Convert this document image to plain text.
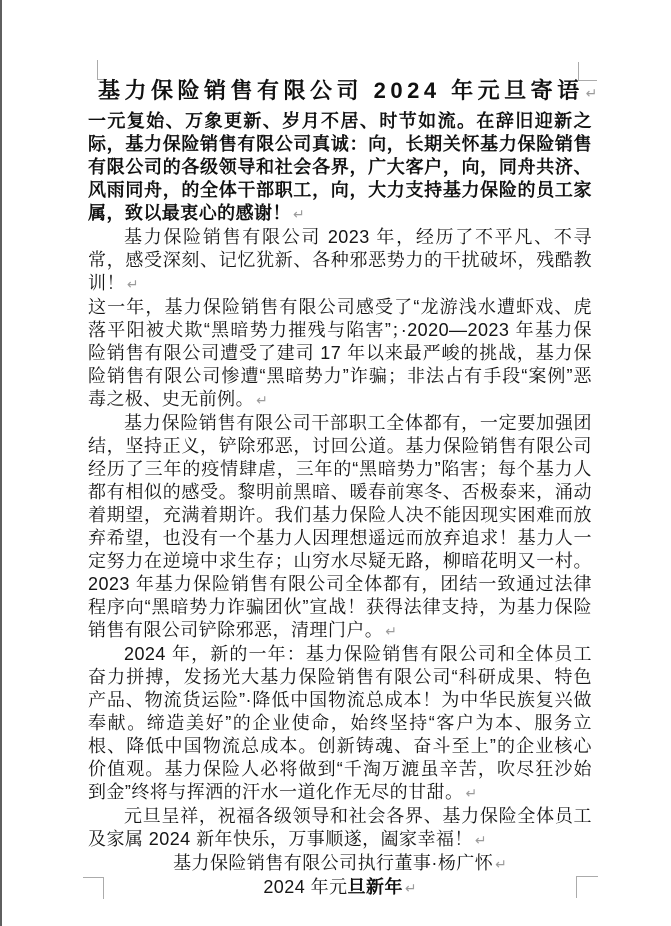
基力保险销售有限公司 2024 年元旦寄语 ↵

一元复始、万象更新、岁月不居、时节如流。在辞旧迎新之际，基力保险销售有限公司真诚：向，长期关怀基力保险销售有限公司的各级领导和社会各界，广大客户，向，同舟共济、风雨同舟，的全体干部职工，向，大力支持基力保险的员工家属，致以最衷心的感谢！ ↵

基力保险销售有限公司 2023 年，经历了不平凡、不寻常，感受深刻、记忆犹新、各种邪恶势力的干扰破坏，残酷教训！ ↵
这一年，基力保险销售有限公司感受了“龙游浅水遭虾戏、虎落平阳被犬欺“黑暗势力摧残与陷害”；·2020—2023 年基力保险销售有限公司遭受了建司 17 年以来最严峻的挑战，基力保险销售有限公司惨遭“黑暗势力”诈骗；非法占有手段“案例”恶毒之极、史无前例。 ↵

基力保险销售有限公司干部职工全体都有，一定要加强团结，坚持正义，铲除邪恶，讨回公道。基力保险销售有限公司经历了三年的疫情肆虐，三年的“黑暗势力”陷害；每个基力人都有相似的感受。黎明前黑暗、暖春前寒冬、否极泰来，涌动着期望，充满着期许。我们基力保险人决不能因现实困难而放弃希望，也没有一个基力人因理想遥远而放弃追求！基力人一定努力在逆境中求生存；山穷水尽疑无路，柳暗花明又一村。2023 年基力保险销售有限公司全体都有，团结一致通过法律程序向“黑暗势力诈骗团伙”宣战！获得法律支持，为基力保险销售有限公司铲除邪恶，清理门户。 ↵

2024 年，新的一年：基力保险销售有限公司和全体员工奋力拼搏，发扬光大基力保险销售有限公司“科研成果、特色产品、物流货运险”·降低中国物流总成本！为中华民族复兴做奉献。缔造美好”的企业使命，始终坚持“客户为本、服务立根、降低中国物流总成本。创新铸魂、奋斗至上”的企业核心价值观。基力保险人必将做到“千淘万漉虽辛苦，吹尽狂沙始到金”终将与挥洒的汗水一道化作无尽的甘甜。 ↵

元旦呈祥，祝福各级领导和社会各界、基力保险全体员工及家属 2024 新年快乐，万事顺遂，阖家幸福！ ↵

基力保险销售有限公司执行董事·杨广怀 ↵

2024 年元旦新年 ↵
